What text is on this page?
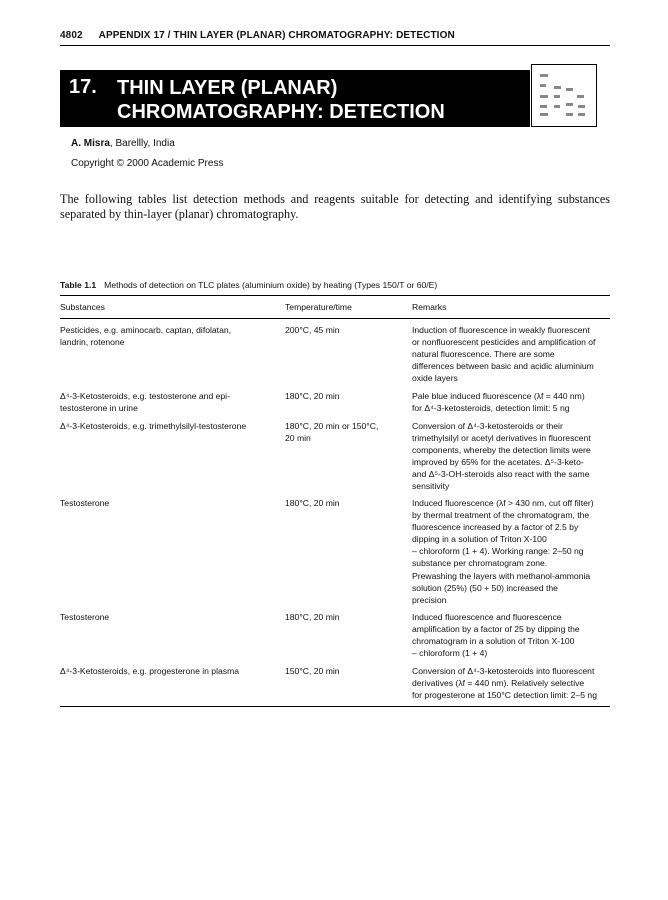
4802 APPENDIX 17 / THIN LAYER (PLANAR) CHROMATOGRAPHY: DETECTION
17. THIN LAYER (PLANAR)
CHROMATOGRAPHY: DETECTION
A. Misra, Barellly, India
Copyright © 2000 Academic Press
The following tables list detection methods and reagents suitable for detecting and identifying substances separated by thin-layer (planar) chromatography.
Table 1.1 Methods of detection on TLC plates (aluminium oxide) by heating (Types 150/T or 60/E)
Substances	Temperature/time	Remarks
Pesticides, e.g. aminocarb, captan, difolatan,
landrin, rotenone
200°C, 45 min	Induction of fluorescence in weakly fluorescent
or nonfluorescent pesticides and amplification of
natural fluorescence. There are some
differences between basic and acidic aluminium
oxide layers
Δ⁴-3-Ketosteroids, e.g. testosterone and epi-
testosterone in urine
180°C, 20 min	Pale blue induced fluorescence (λf = 440 nm)
for Δ⁴-3-ketosteroids, detection limit: 5 ng
Δ⁴-3-Ketosteroids, e.g. trimethylsilyl-testosterone	180°C, 20 min or 150°C,
20 min
Conversion of Δ⁴-3-ketosteroids or their
trimethylsilyl or acetyl derivatives in fluorescent
components, whereby the detection limits were
improved by 65% for the acetates. Δ⁵-3-keto-
and Δ⁵-3-OH-steroids also react with the same
sensitivity
Testosterone	180°C, 20 min	Induced fluorescence (λf > 430 nm, cut off filter)
by thermal treatment of the chromatogram, the
fluorescence increased by a factor of 2.5 by
dipping in a solution of Triton X-100
– chloroform (1 + 4). Working range: 2–50 ng
substance per chromatogram zone.
Prewashing the layers with methanol-ammonia
solution (25%) (50 + 50) increased the
precision
Testosterone	180°C, 20 min	Induced fluorescence and fluorescence
amplification by a factor of 25 by dipping the
chromatogram in a solution of Triton X-100
– chloroform (1 + 4)
Δ⁴-3-Ketosteroids, e.g. progesterone in plasma	150°C, 20 min	Conversion of Δ⁴-3-ketosteroids into fluorescent
derivatives (λf = 440 nm). Relatively selective
for progesterone at 150°C detection limit: 2–5 ng
